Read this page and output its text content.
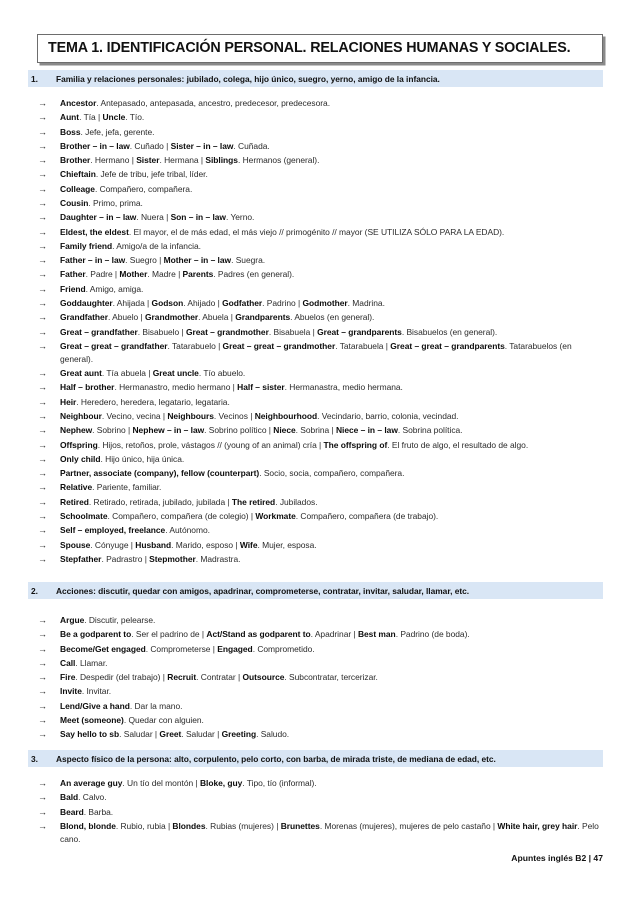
TEMA 1. IDENTIFICACIÓN PERSONAL. RELACIONES HUMANAS Y SOCIALES.
1.	Familia y relaciones personales: jubilado, colega, hijo único, suegro, yerno, amigo de la infancia.
→	Ancestor. Antepasado, antepasada, ancestro, predecesor, predecesora.
→	Aunt. Tía | Uncle. Tío.
→	Boss. Jefe, jefa, gerente.
→	Brother – in – law. Cuñado | Sister – in – law. Cuñada.
→	Brother. Hermano | Sister. Hermana | Siblings. Hermanos (general).
→	Chieftain. Jefe de tribu, jefe tribal, líder.
→	Colleage. Compañero, compañera.
→	Cousin. Primo, prima.
→	Daughter – in – law. Nuera | Son – in – law. Yerno.
→	Eldest, the eldest. El mayor, el de más edad, el más viejo // primogénito // mayor (SE UTILIZA SÓLO PARA LA EDAD).
→	Family friend. Amigo/a de la infancia.
→	Father – in – law. Suegro | Mother – in – law. Suegra.
→	Father. Padre | Mother. Madre | Parents. Padres (en general).
→	Friend. Amigo, amiga.
→	Goddaughter. Ahijada | Godson. Ahijado | Godfather. Padrino | Godmother. Madrina.
→	Grandfather. Abuelo | Grandmother. Abuela | Grandparents. Abuelos (en general).
→	Great – grandfather. Bisabuelo | Great – grandmother. Bisabuela | Great – grandparents. Bisabuelos (en general).
→	Great – great – grandfather. Tatarabuelo | Great – great – grandmother. Tatarabuela | Great – great – grandparents. Tatarabuelos (en general).
→	Great aunt. Tía abuela | Great uncle. Tío abuelo.
→	Half – brother. Hermanastro, medio hermano | Half – sister. Hermanastra, medio hermana.
→	Heir. Heredero, heredera, legatario, legataria.
→	Neighbour. Vecino, vecina | Neighbours. Vecinos | Neighbourhood. Vecindario, barrio, colonia, vecindad.
→	Nephew. Sobrino | Nephew – in – law. Sobrino político | Niece. Sobrina | Niece – in – law. Sobrina política.
→	Offspring. Hijos, retoños, prole, vástagos // (young of an animal) cría | The offspring of. El fruto de algo, el resultado de algo.
→	Only child. Hijo único, hija única.
→	Partner, associate (company), fellow (counterpart). Socio, socia, compañero, compañera.
→	Relative. Pariente, familiar.
→	Retired. Retirado, retirada, jubilado, jubilada | The retired. Jubilados.
→	Schoolmate. Compañero, compañera (de colegio) | Workmate. Compañero, compañera (de trabajo).
→	Self – employed, freelance. Autónomo.
→	Spouse. Cónyuge | Husband. Marido, esposo | Wife. Mujer, esposa.
→	Stepfather. Padrastro | Stepmother. Madrastra.
2.	Acciones: discutir, quedar con amigos, apadrinar, comprometerse, contratar, invitar, saludar, llamar, etc.
→	Argue. Discutir, pelearse.
→	Be a godparent to. Ser el padrino de | Act/Stand as godparent to. Apadrinar | Best man. Padrino (de boda).
→	Become/Get engaged. Comprometerse | Engaged. Comprometido.
→	Call. Llamar.
→	Fire. Despedir (del trabajo) | Recruit. Contratar | Outsource. Subcontratar, tercerizar.
→	Invite. Invitar.
→	Lend/Give a hand. Dar la mano.
→	Meet (someone). Quedar con alguien.
→	Say hello to sb. Saludar | Greet. Saludar | Greeting. Saludo.
3.	Aspecto físico de la persona: alto, corpulento, pelo corto, con barba, de mirada triste, de mediana de edad, etc.
→	An average guy. Un tío del montón | Bloke, guy. Tipo, tío (informal).
→	Bald. Calvo.
→	Beard. Barba.
→	Blond, blonde. Rubio, rubia | Blondes. Rubias (mujeres) | Brunettes. Morenas (mujeres), mujeres de pelo castaño | White hair, grey hair. Pelo cano.
Apuntes inglés B2 | 47
